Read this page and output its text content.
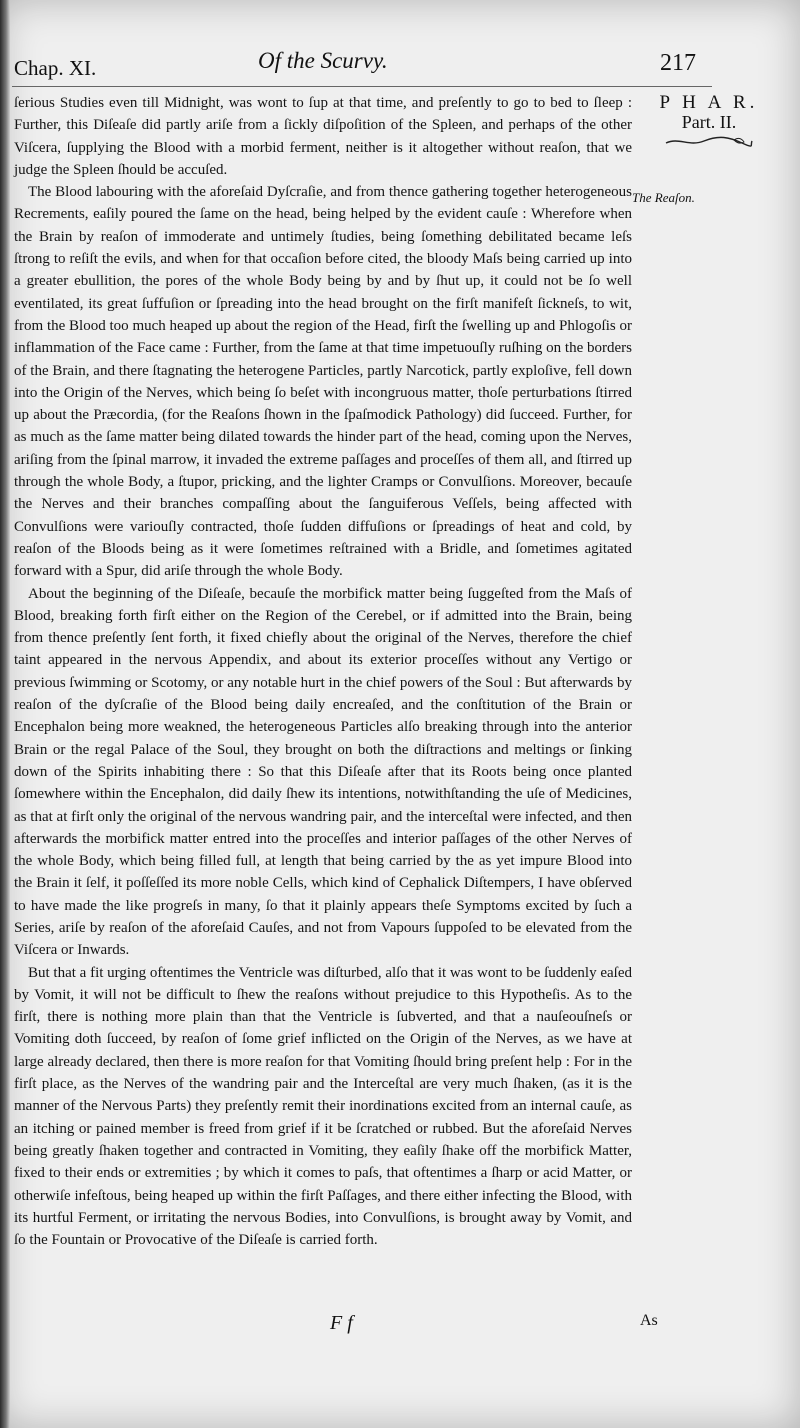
Chap. XI.	Of the Scurvy.	217
P H A R.
Part. II.
The Reaſon.

ſerious Studies even till Midnight, was wont to ſup at that time, and preſently to go to bed to ſleep : Further, this Diſeaſe did partly ariſe from a ſickly diſpoſition of the Spleen, and perhaps of the other Viſcera, ſupplying the Blood with a morbid ferment, neither is it altogether without reaſon, that we judge the Spleen ſhould be accuſed.

The Blood labouring with the aforeſaid Dyſcraſie, and from thence gathering together heterogeneous Recrements, eaſily poured the ſame on the head, being helped by the evident cauſe : Wherefore when the Brain by reaſon of immoderate and untimely ſtudies, being ſomething debilitated became leſs ſtrong to reſiſt the evils, and when for that occaſion before cited, the bloody Maſs being carried up into a greater ebullition, the pores of the whole Body being by and by ſhut up, it could not be ſo well eventilated, its great ſuffuſion or ſpreading into the head brought on the firſt manifeſt ſickneſs, to wit, from the Blood too much heaped up about the region of the Head, firſt the ſwelling up and Phlogoſis or inflammation of the Face came : Further, from the ſame at that time impetuouſly ruſhing on the borders of the Brain, and there ſtagnating the heterogene Particles, partly Narcotick, partly exploſive, fell down into the Origin of the Nerves, which being ſo beſet with incongruous matter, thoſe perturbations ſtirred up about the Præcordia, (for the Reaſons ſhown in the ſpaſmodick Pathology) did ſucceed. Further, for as much as the ſame matter being dilated towards the hinder part of the head, coming upon the Nerves, ariſing from the ſpinal marrow, it invaded the extreme paſſages and proceſſes of them all, and ſtirred up through the whole Body, a ſtupor, pricking, and the lighter Cramps or Convulſions. Moreover, becauſe the Nerves and their branches compaſſing about the ſanguiferous Veſſels, being affected with Convulſions were variouſly contracted, thoſe ſudden diffuſions or ſpreadings of heat and cold, by reaſon of the Bloods being as it were ſometimes reſtrained with a Bridle, and ſometimes agitated forward with a Spur, did ariſe through the whole Body.

About the beginning of the Diſeaſe, becauſe the morbifick matter being ſuggeſted from the Maſs of Blood, breaking forth firſt either on the Region of the Cerebel, or if admitted into the Brain, being from thence preſently ſent forth, it fixed chiefly about the original of the Nerves, therefore the chief taint appeared in the nervous Appendix, and about its exterior proceſſes without any Vertigo or previous ſwimming or Scotomy, or any notable hurt in the chief powers of the Soul : But afterwards by reaſon of the dyſcraſie of the Blood being daily encreaſed, and the conſtitution of the Brain or Encephalon being more weakned, the heterogeneous Particles alſo breaking through into the anterior Brain or the regal Palace of the Soul, they brought on both the diſtractions and meltings or ſinking down of the Spirits inhabiting there : So that this Diſeaſe after that its Roots being once planted ſomewhere within the Encephalon, did daily ſhew its intentions, notwithſtanding the uſe of Medicines, as that at firſt only the original of the nervous wandring pair, and the interceſtal were infected, and then afterwards the morbifick matter entred into the proceſſes and interior paſſages of the other Nerves of the whole Body, which being filled full, at length that being carried by the as yet impure Blood into the Brain it ſelf, it poſſeſſed its more noble Cells, which kind of Cephalick Diſtempers, I have obſerved to have made the like progreſs in many, ſo that it plainly appears theſe Symptoms excited by ſuch a Series, ariſe by reaſon of the aforeſaid Cauſes, and not from Vapours ſuppoſed to be elevated from the Viſcera or Inwards.

But that a fit urging oftentimes the Ventricle was diſturbed, alſo that it was wont to be ſuddenly eaſed by Vomit, it will not be difficult to ſhew the reaſons without prejudice to this Hypotheſis. As to the firſt, there is nothing more plain than that the Ventricle is ſubverted, and that a nauſeouſneſs or Vomiting doth ſucceed, by reaſon of ſome grief inflicted on the Origin of the Nerves, as we have at large already declared, then there is more reaſon for that Vomiting ſhould bring preſent help : For in the firſt place, as the Nerves of the wandring pair and the Interceſtal are very much ſhaken, (as it is the manner of the Nervous Parts) they preſently remit their inordinations excited from an internal cauſe, as an itching or pained member is freed from grief if it be ſcratched or rubbed. But the aforeſaid Nerves being greatly ſhaken together and contracted in Vomiting, they eaſily ſhake off the morbifick Matter, fixed to their ends or extremities ; by which it comes to paſs, that oftentimes a ſharp or acid Matter, or otherwiſe infeſtous, being heaped up within the firſt Paſſages, and there either infecting the Blood, with its hurtful Ferment, or irritating the nervous Bodies, into Convulſions, is brought away by Vomit, and ſo the Fountain or Provocative of the Diſeaſe is carried forth.

F f	As
